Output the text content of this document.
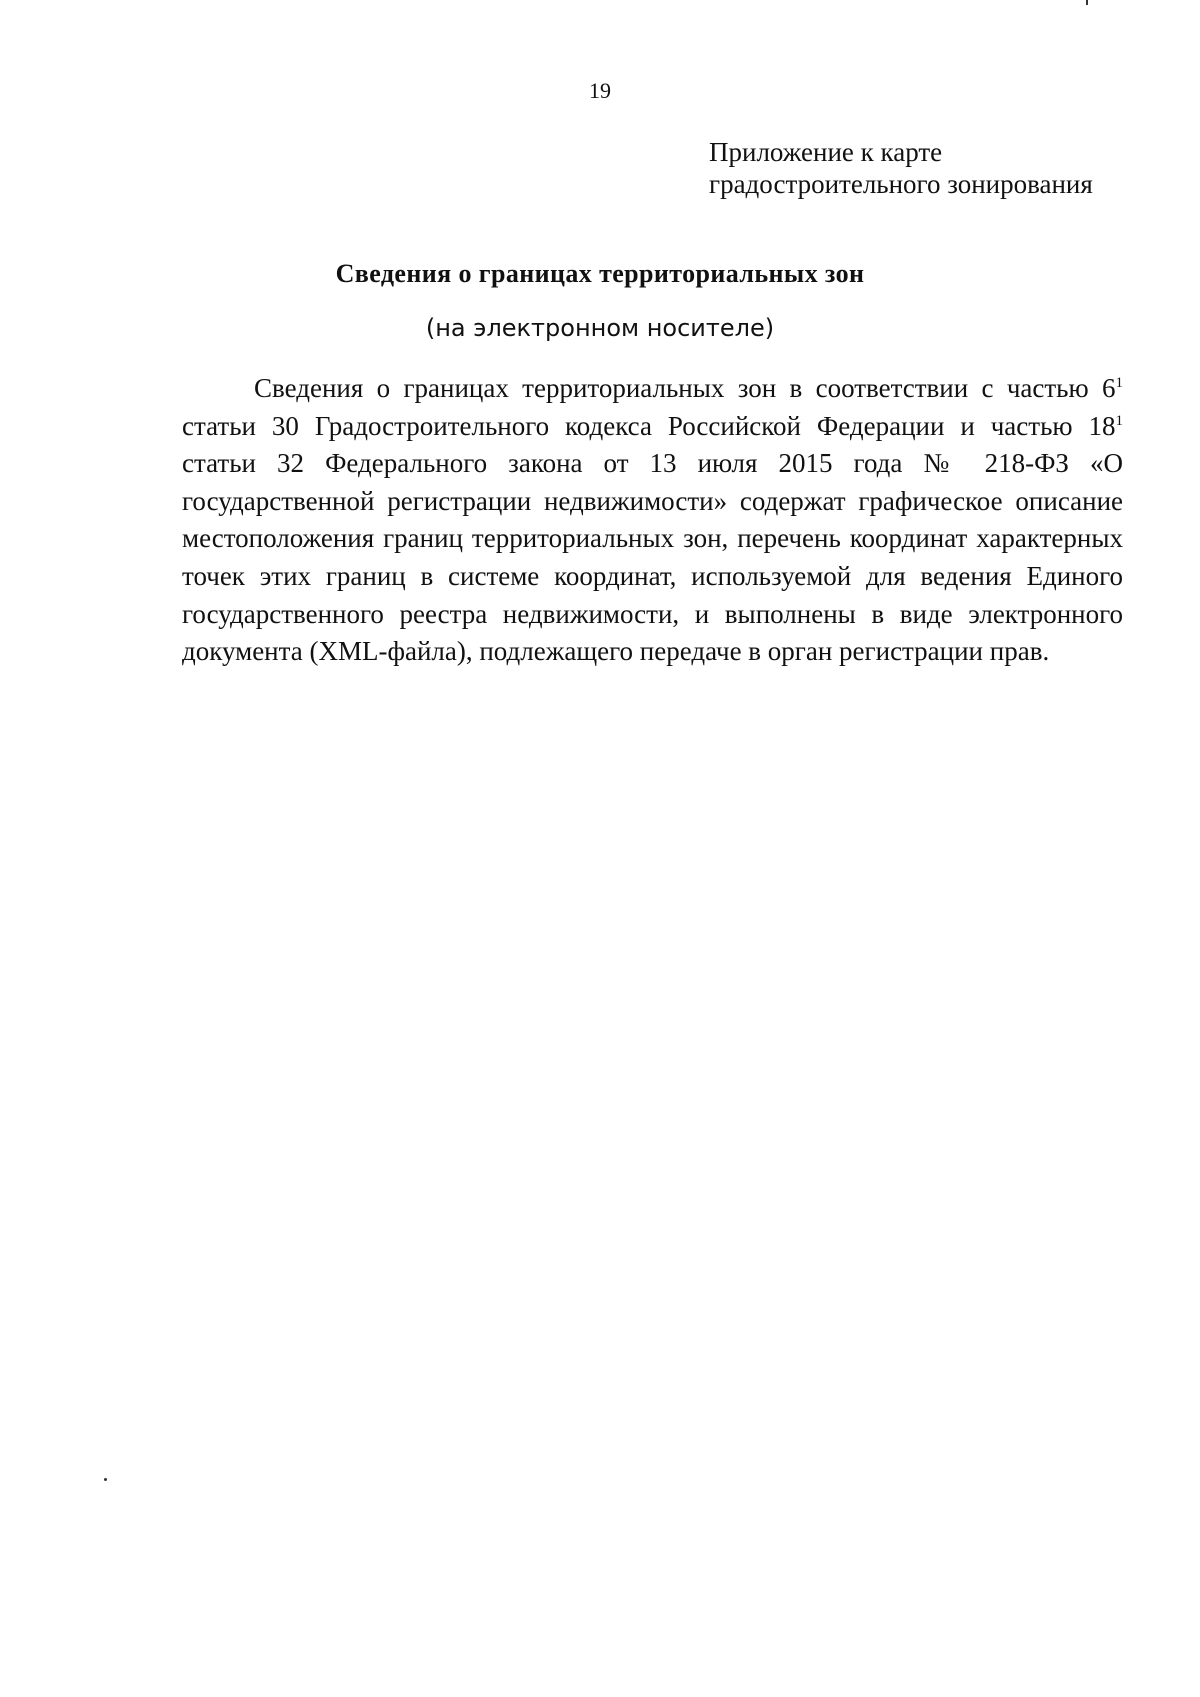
19
Приложение к карте
градостроительного зонирования
Сведения о границах территориальных зон
(на электронном носителе)

Сведения о границах территориальных зон в соответствии с частью $6^1$ статьи 30 Градостроительного кодекса Российской Федерации и частью $18^1$ статьи 32 Федерального закона от 13 июля 2015 года № 218-ФЗ «О государственной регистрации недвижимости» содержат графическое описание местоположения границ территориальных зон, перечень координат характерных точек этих границ в системе координат, используемой для ведения Единого государственного реестра недвижимости, и выполнены в виде электронного документа (XML-файла), подлежащего передаче в орган регистрации прав.
